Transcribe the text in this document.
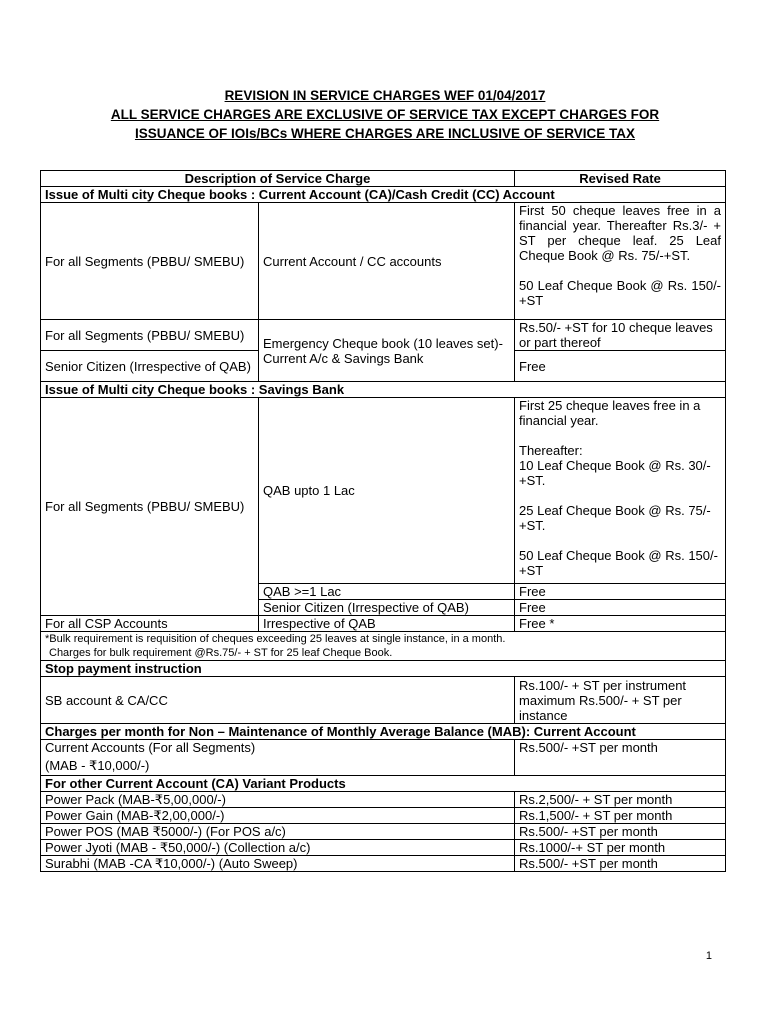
REVISION IN SERVICE CHARGES WEF 01/04/2017
ALL SERVICE CHARGES ARE EXCLUSIVE OF SERVICE TAX EXCEPT CHARGES FOR
ISSUANCE OF IOIs/BCs WHERE CHARGES ARE INCLUSIVE OF SERVICE TAX
Description of Service Charge		Revised Rate
Issue of Multi city Cheque books : Current Account (CA)/Cash Credit (CC) Account		
For all Segments (PBBU/ SMEBU)	Current Account / CC accounts	First 50 cheque leaves free in a financial year. Thereafter Rs.3/- + ST per cheque leaf. 25 Leaf Cheque Book @ Rs. 75/-+ST.

50 Leaf Cheque Book @ Rs. 150/- +ST
For all Segments (PBBU/ SMEBU)	Emergency Cheque book (10 leaves set)- Current A/c & Savings Bank	Rs.50/- +ST for 10 cheque leaves or part thereof
Senior Citizen (Irrespective of QAB)		Free
Issue of Multi city Cheque books : Savings Bank		
For all Segments (PBBU/ SMEBU)	QAB upto 1 Lac	First 25 cheque leaves free in a financial year.

Thereafter:
10 Leaf Cheque Book @ Rs. 30/-+ST.

25 Leaf Cheque Book @ Rs. 75/-+ST.

50 Leaf Cheque Book @ Rs. 150/- +ST
	QAB >=1 Lac	Free
	Senior Citizen (Irrespective of QAB)	Free
For all CSP Accounts	Irrespective of QAB	Free *

*Bulk requirement is requisition of cheques exceeding 25 leaves at single instance, in a month.
Charges for bulk requirement @Rs.75/- + ST for 25 leaf Cheque Book.		

Stop payment instruction		
SB account & CA/CC		Rs.100/- + ST per instrument maximum Rs.500/- + ST per instance
Charges per month for Non – Maintenance of Monthly Average Balance (MAB): Current Account		

Current Accounts (For all Segments)
(MAB - ₹10,000/-)		Rs.500/- +ST per month
For other Current Account (CA) Variant Products		
Power Pack (MAB-₹5,00,000/-)		Rs.2,500/- + ST per month
Power Gain (MAB-₹2,00,000/-)		Rs.1,500/- + ST per month
Power POS (MAB ₹5000/-) (For POS a/c)		Rs.500/- +ST per month
Power Jyoti (MAB - ₹50,000/-) (Collection a/c)		Rs.1000/-+ ST per month
Surabhi (MAB -CA ₹10,000/-) (Auto Sweep)		Rs.500/- +ST per month
1
